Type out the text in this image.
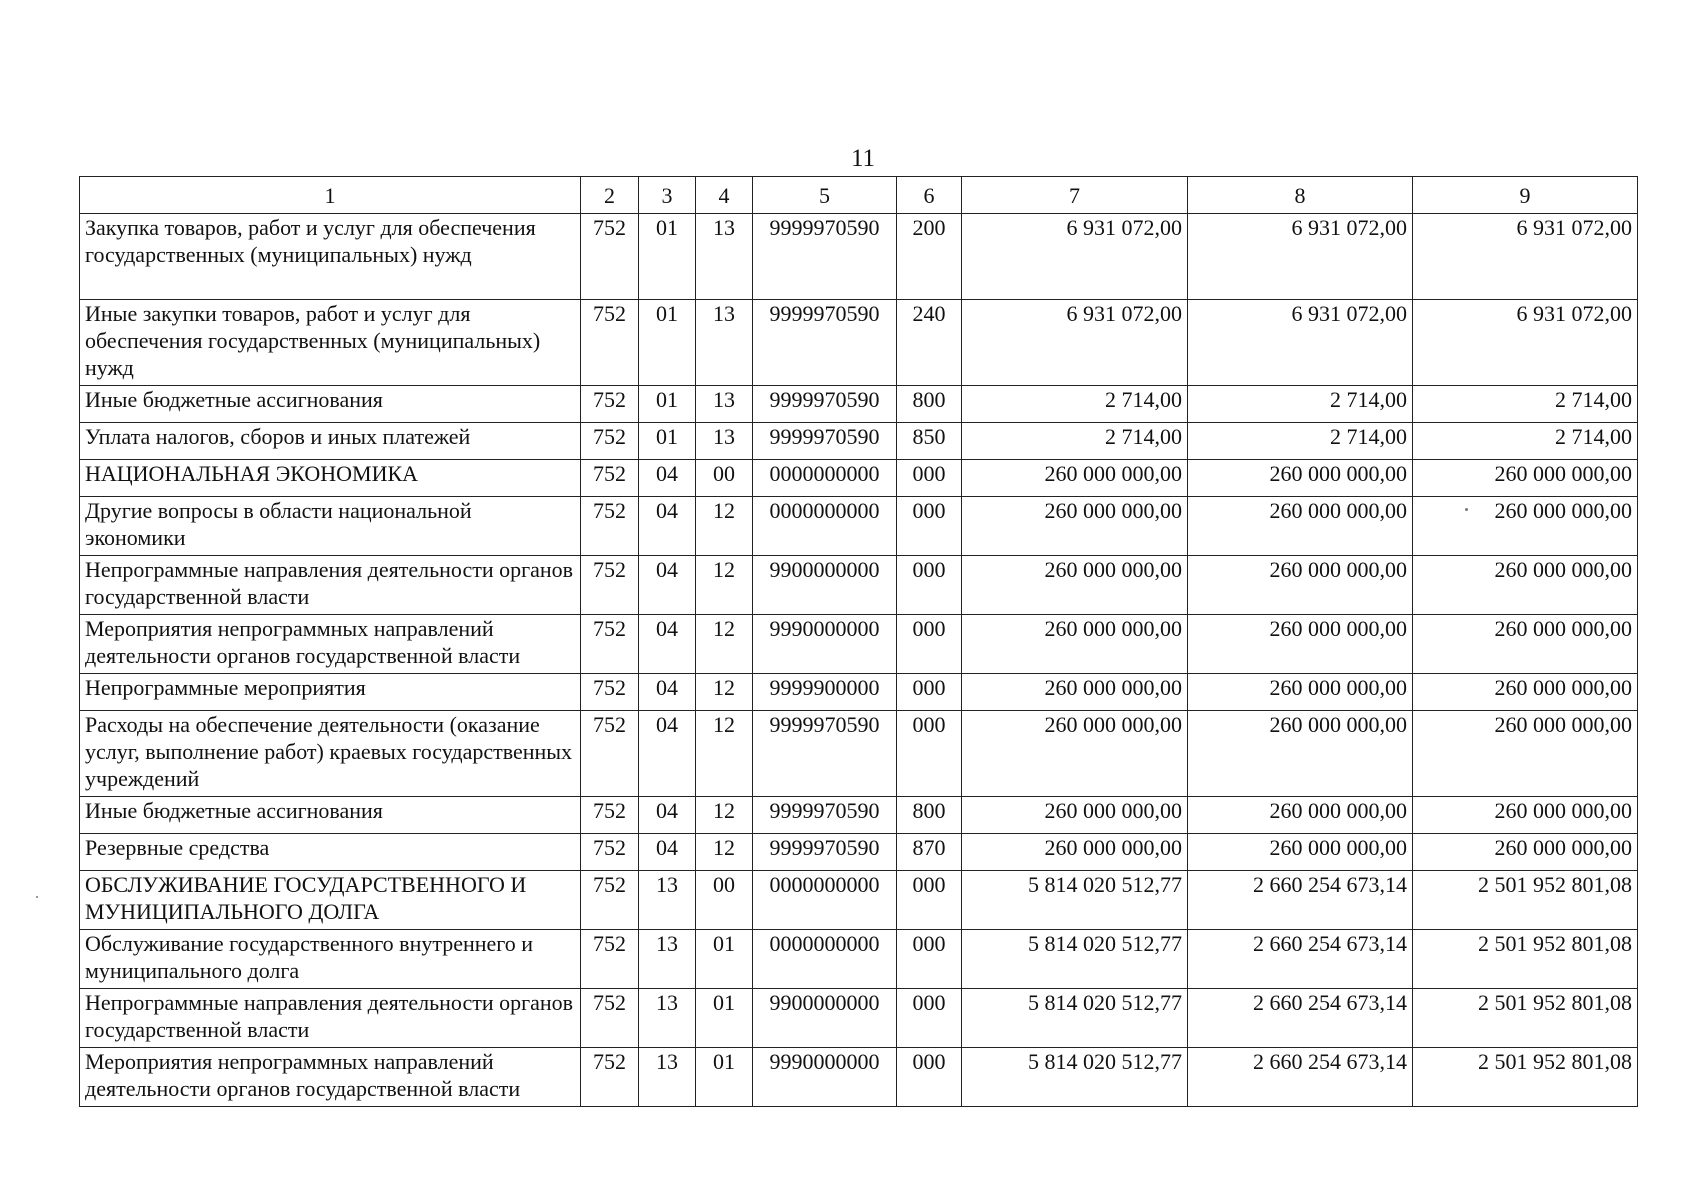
11
1	2	3	4	5	6	7	8	9
Закупка товаров, работ и услуг для обеспечения государственных (муниципальных) нужд	752	01	13	9999970590	200	6 931 072,00	6 931 072,00	6 931 072,00
Иные закупки товаров, работ и услуг для обеспечения государственных (муниципальных) нужд	752	01	13	9999970590	240	6 931 072,00	6 931 072,00	6 931 072,00
Иные бюджетные ассигнования	752	01	13	9999970590	800	2 714,00	2 714,00	2 714,00
Уплата налогов, сборов и иных платежей	752	01	13	9999970590	850	2 714,00	2 714,00	2 714,00
НАЦИОНАЛЬНАЯ ЭКОНОМИКА	752	04	00	0000000000	000	260 000 000,00	260 000 000,00	260 000 000,00
Другие вопросы в области национальной экономики	752	04	12	0000000000	000	260 000 000,00	260 000 000,00	260 000 000,00
Непрограммные направления деятельности органов государственной власти	752	04	12	9900000000	000	260 000 000,00	260 000 000,00	260 000 000,00
Мероприятия непрограммных направлений деятельности органов государственной власти	752	04	12	9990000000	000	260 000 000,00	260 000 000,00	260 000 000,00
Непрограммные мероприятия	752	04	12	9999900000	000	260 000 000,00	260 000 000,00	260 000 000,00
Расходы на обеспечение деятельности (оказание услуг, выполнение работ) краевых государственных учреждений	752	04	12	9999970590	000	260 000 000,00	260 000 000,00	260 000 000,00
Иные бюджетные ассигнования	752	04	12	9999970590	800	260 000 000,00	260 000 000,00	260 000 000,00
Резервные средства	752	04	12	9999970590	870	260 000 000,00	260 000 000,00	260 000 000,00
ОБСЛУЖИВАНИЕ ГОСУДАРСТВЕННОГО И МУНИЦИПАЛЬНОГО ДОЛГА	752	13	00	0000000000	000	5 814 020 512,77	2 660 254 673,14	2 501 952 801,08
Обслуживание государственного внутреннего и муниципального долга	752	13	01	0000000000	000	5 814 020 512,77	2 660 254 673,14	2 501 952 801,08
Непрограммные направления деятельности органов государственной власти	752	13	01	9900000000	000	5 814 020 512,77	2 660 254 673,14	2 501 952 801,08
Мероприятия непрограммных направлений деятельности органов государственной власти	752	13	01	9990000000	000	5 814 020 512,77	2 660 254 673,14	2 501 952 801,08
